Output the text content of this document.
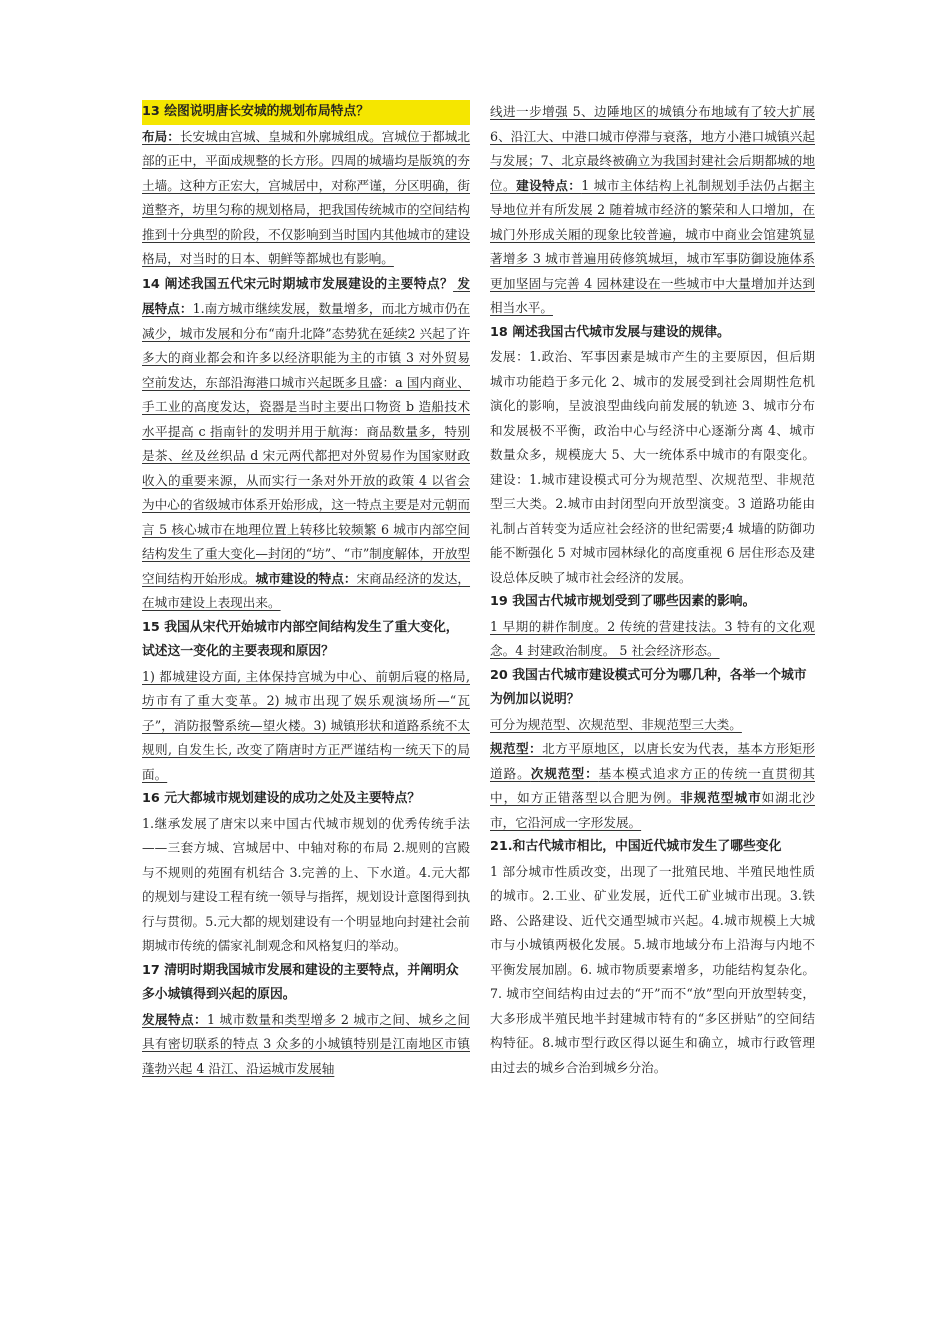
13 绘图说明唐长安城的规划布局特点？

布局：长安城由宫城、皇城和外廓城组成。宫城位于都城北部的正中，平面成规整的长方形。四周的城墙均是版筑的夯土墙。这种方正宏大，宫城居中，对称严谨，分区明确，街道整齐，坊里匀称的规划格局，把我国传统城市的空间结构推到十分典型的阶段，不仅影响到当时国内其他城市的建设格局，对当时的日本、朝鲜等都城也有影响。

14 阐述我国五代宋元时期城市发展建设的主要特点？ 发展特点：1.南方城市继续发展，数量增多，而北方城市仍在减少，城市发展和分布“南升北降”态势犹在延续2 兴起了许多大的商业都会和许多以经济职能为主的市镇 3 对外贸易空前发达，东部沿海港口城市兴起既多且盛：a 国内商业、手工业的高度发达，瓷器是当时主要出口物资 b 造船技术水平提高 c 指南针的发明并用于航海：商品数量多，特别是茶、丝及丝织品 d 宋元两代都把对外贸易作为国家财政收入的重要来源，从而实行一条对外开放的政策 4 以省会为中心的省级城市体系开始形成，这一特点主要是对元朝而言 5 核心城市在地理位置上转移比较频繁 6 城市内部空间结构发生了重大变化—封闭的“坊”、“市”制度解体，开放型空间结构开始形成。城市建设的特点：宋商品经济的发达，在城市建设上表现出来。

15 我国从宋代开始城市内部空间结构发生了重大变化，试述这一变化的主要表现和原因？

1) 都城建设方面, 主体保持宫城为中心、前朝后寝的格局, 坊市有了重大变革。2) 城市出现了娱乐观演场所—“瓦子”，消防报警系统—望火楼。3) 城镇形状和道路系统不太规则, 自发生长, 改变了隋唐时方正严谨结构一统天下的局面。

16 元大都城市规划建设的成功之处及主要特点？

1.继承发展了唐宋以来中国古代城市规划的优秀传统手法——三套方城、宫城居中、中轴对称的布局 2.规则的宫殿与不规则的苑囿有机结合 3.完善的上、下水道。4.元大都的规划与建设工程有统一领导与指挥，规划设计意图得到执行与贯彻。5.元大都的规划建设有一个明显地向封建社会前期城市传统的儒家礼制观念和风格复归的举动。

17 清明时期我国城市发展和建设的主要特点，并阐明众多小城镇得到兴起的原因。

发展特点：1 城市数量和类型增多 2 城市之间、城乡之间具有密切联系的特点 3 众多的小城镇特别是江南地区市镇蓬勃兴起 4 沿江、沿运城市发展轴

线进一步增强 5、边陲地区的城镇分布地域有了较大扩展 6、沿江大、中港口城市停滞与衰落，地方小港口城镇兴起与发展；7、北京最终被确立为我国封建社会后期都城的地位。建设特点：1 城市主体结构上礼制规划手法仍占据主导地位并有所发展 2 随着城市经济的繁荣和人口增加，在城门外形成关厢的现象比较普遍，城市中商业会馆建筑显著增多 3 城市普遍用砖修筑城垣，城市军事防御设施体系更加坚固与完善 4 园林建设在一些城市中大量增加并达到相当水平。

18 阐述我国古代城市发展与建设的规律。

发展：1.政治、军事因素是城市产生的主要原因，但后期城市功能趋于多元化 2、城市的发展受到社会周期性危机演化的影响，呈波浪型曲线向前发展的轨迹 3、城市分布和发展极不平衡，政治中心与经济中心逐渐分离 4、城市数量众多，规模庞大 5、大一统体系中城市的有限变化。建设：1.城市建设模式可分为规范型、次规范型、非规范型三大类。2.城市由封闭型向开放型演变。3 道路功能由礼制占首转变为适应社会经济的世纪需要;4 城墙的防御功能不断强化 5 对城市园林绿化的高度重视 6 居住形态及建设总体反映了城市社会经济的发展。

19 我国古代城市规划受到了哪些因素的影响。

1 早期的耕作制度。2 传统的营建技法。3 特有的文化观念。4 封建政治制度。 5 社会经济形态。

20 我国古代城市建设模式可分为哪几种，各举一个城市为例加以说明？

可分为规范型、次规范型、非规范型三大类。

规范型：北方平原地区，以唐长安为代表，基本方形矩形道路。次规范型：基本模式追求方正的传统一直贯彻其中，如方正错落型以合肥为例。非规范型城市如湖北沙市，它沿河成一字形发展。

21.和古代城市相比，中国近代城市发生了哪些变化

1 部分城市性质改变，出现了一批殖民地、半殖民地性质的城市。2.工业、矿业发展，近代工矿业城市出现。3.铁路、公路建设、近代交通型城市兴起。4.城市规模上大城市与小城镇两极化发展。5.城市地域分布上沿海与内地不平衡发展加剧。6. 城市物质要素增多，功能结构复杂化。7. 城市空间结构由过去的“开”而不“放”型向开放型转变，大多形成半殖民地半封建城市特有的“多区拼贴”的空间结构特征。8.城市型行政区得以诞生和确立，城市行政管理由过去的城乡合治到城乡分治。
